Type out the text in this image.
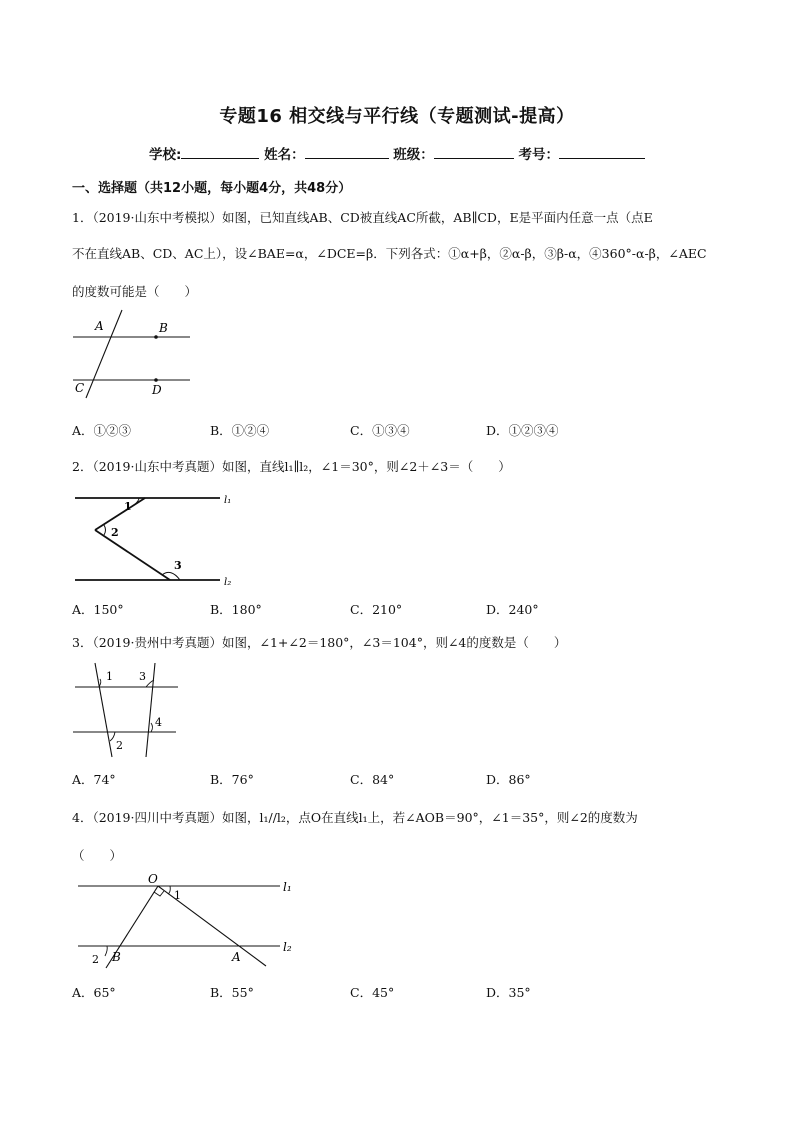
专题16 相交线与平行线（专题测试-提高）
学校:	姓名：	班级：	考号：
一、选择题（共12小题，每小题4分，共48分）
1．（2019·山东中考模拟）如图，已知直线AB、CD被直线AC所截，AB∥CD，E是平面内任意一点（点E
不在直线AB、CD、AC上），设∠BAE=α，∠DCE=β．下列各式：①α+β，②α-β，③β-α，④360°-α-β，∠AEC
的度数可能是（　　）
A	B
C	D
A．①②③	B．①②④	C．①③④	D．①②③④
2．（2019·山东中考真题）如图，直线l₁∥l₂，∠1＝30°，则∠2＋∠3＝（　　）
1
2
3
l₁
l₂
A．150°	B．180°	C．210°	D．240°
3．（2019·贵州中考真题）如图，∠1+∠2＝180°，∠3＝104°，则∠4的度数是（　　）
1 3
4
2
A．74°	B．76°	C．84°	D．86°
4．（2019·四川中考真题）如图，l₁//l₂，点O在直线l₁上，若∠AOB＝90°，∠1＝35°，则∠2的度数为
（　　）
O
1
2 B	A
l₁
l₂
A．65°	B．55°	C．45°	D．35°
